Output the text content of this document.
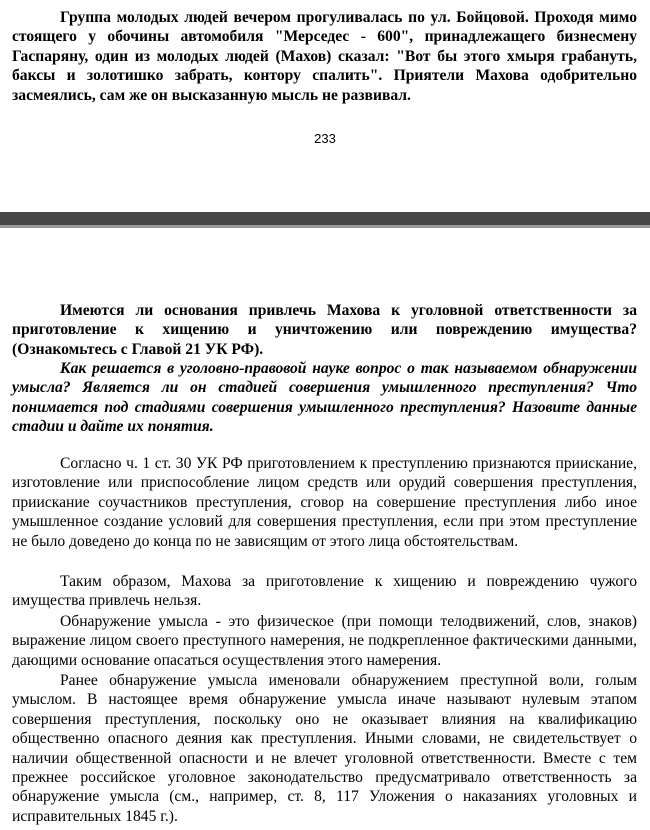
Группа молодых людей вечером прогуливалась по ул. Бойцовой. Проходя мимо стоящего у обочины автомобиля "Мерседес - 600", принадлежащего бизнесмену Гаспаряну, один из молодых людей (Махов) сказал: "Вот бы этого хмыря грабануть, баксы и золотишко забрать, контору спалить". Приятели Махова одобрительно засмеялись, сам же он высказанную мысль не развивал.

233

Имеются ли основания привлечь Махова к уголовной ответственности за приготовление к хищению и уничтожению или повреждению имущества? (Ознакомьтесь с Главой 21 УК РФ).

Как решается в уголовно-правовой науке вопрос о так называемом обнаружении умысла? Является ли он стадией совершения умышленного преступления? Что понимается под стадиями совершения умышленного преступления? Назовите данные стадии и дайте их понятия.

Согласно ч. 1 ст. 30 УК РФ приготовлением к преступлению признаются приискание, изготовление или приспособление лицом средств или орудий совершения преступления, приискание соучастников преступления, сговор на совершение преступления либо иное умышленное создание условий для совершения преступления, если при этом преступление не было доведено до конца по не зависящим от этого лица обстоятельствам.

Таким образом, Махова за приготовление к хищению и повреждению чужого имущества привлечь нельзя.

Обнаружение умысла - это физическое (при помощи телодвижений, слов, знаков) выражение лицом своего преступного намерения, не подкрепленное фактическими данными, дающими основание опасаться осуществления этого намерения.

Ранее обнаружение умысла именовали обнаружением преступной воли, голым умыслом. В настоящее время обнаружение умысла иначе называют нулевым этапом совершения преступления, поскольку оно не оказывает влияния на квалификацию общественно опасного деяния как преступления. Иными словами, не свидетельствует о наличии общественной опасности и не влечет уголовной ответственности. Вместе с тем прежнее российское уголовное законодательство предусматривало ответственность за обнаружение умысла (см., например, ст. 8, 117 Уложения о наказаниях уголовных и исправительных 1845 г.).
